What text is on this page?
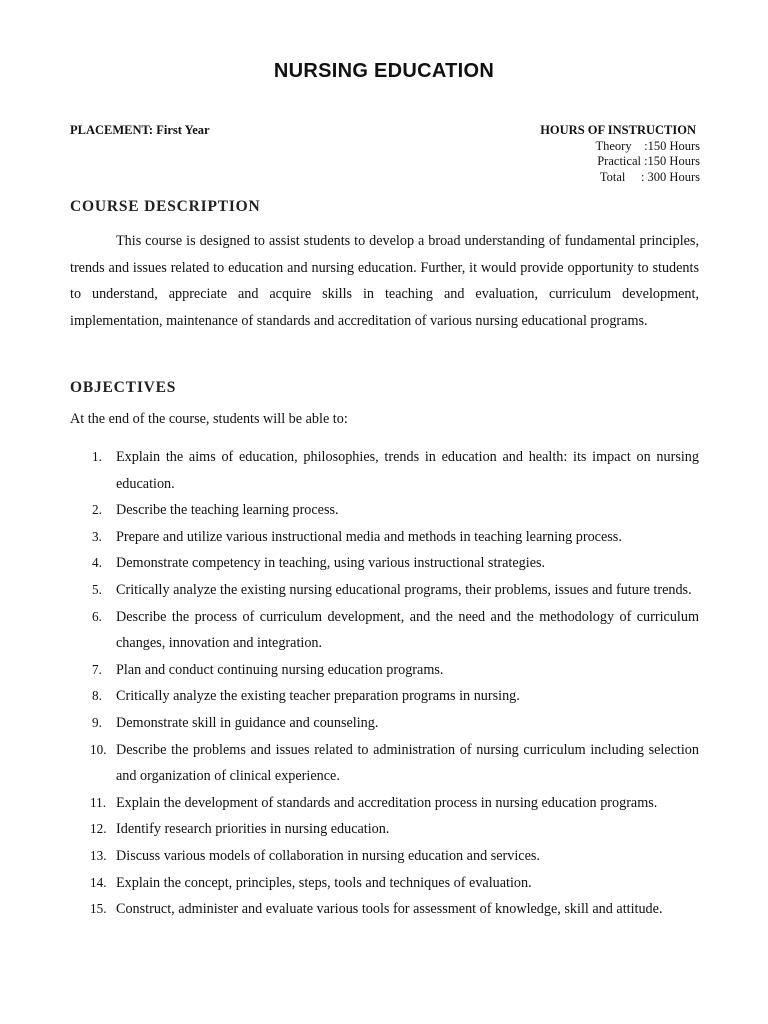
NURSING EDUCATION
PLACEMENT: First Year	HOURS OF INSTRUCTION
Theory    :150 Hours
Practical :150 Hours
Total     : 300 Hours
COURSE DESCRIPTION
This course is designed to assist students to develop a broad understanding of fundamental principles, trends and issues related to education and nursing education. Further, it would provide opportunity to students to understand, appreciate and acquire skills in teaching and evaluation, curriculum development, implementation, maintenance of standards and accreditation of various nursing educational programs.
OBJECTIVES
At the end of the course, students will be able to:
1. Explain the aims of education, philosophies, trends in education and health: its impact on nursing education.
2. Describe the teaching learning process.
3. Prepare and utilize various instructional media and methods in teaching learning process.
4. Demonstrate competency in teaching, using various instructional strategies.
5. Critically analyze the existing nursing educational programs, their problems, issues and future trends.
6. Describe the process of curriculum development, and the need and the methodology of curriculum changes, innovation and integration.
7. Plan and conduct continuing nursing education programs.
8. Critically analyze the existing teacher preparation programs in nursing.
9. Demonstrate skill in guidance and counseling.
10. Describe the problems and issues related to administration of nursing curriculum including selection and organization of clinical experience.
11. Explain the development of standards and accreditation process in nursing education programs.
12. Identify research priorities in nursing education.
13. Discuss various models of collaboration in nursing education and services.
14. Explain the concept, principles, steps, tools and techniques of evaluation.
15. Construct, administer and evaluate various tools for assessment of knowledge, skill and attitude.
